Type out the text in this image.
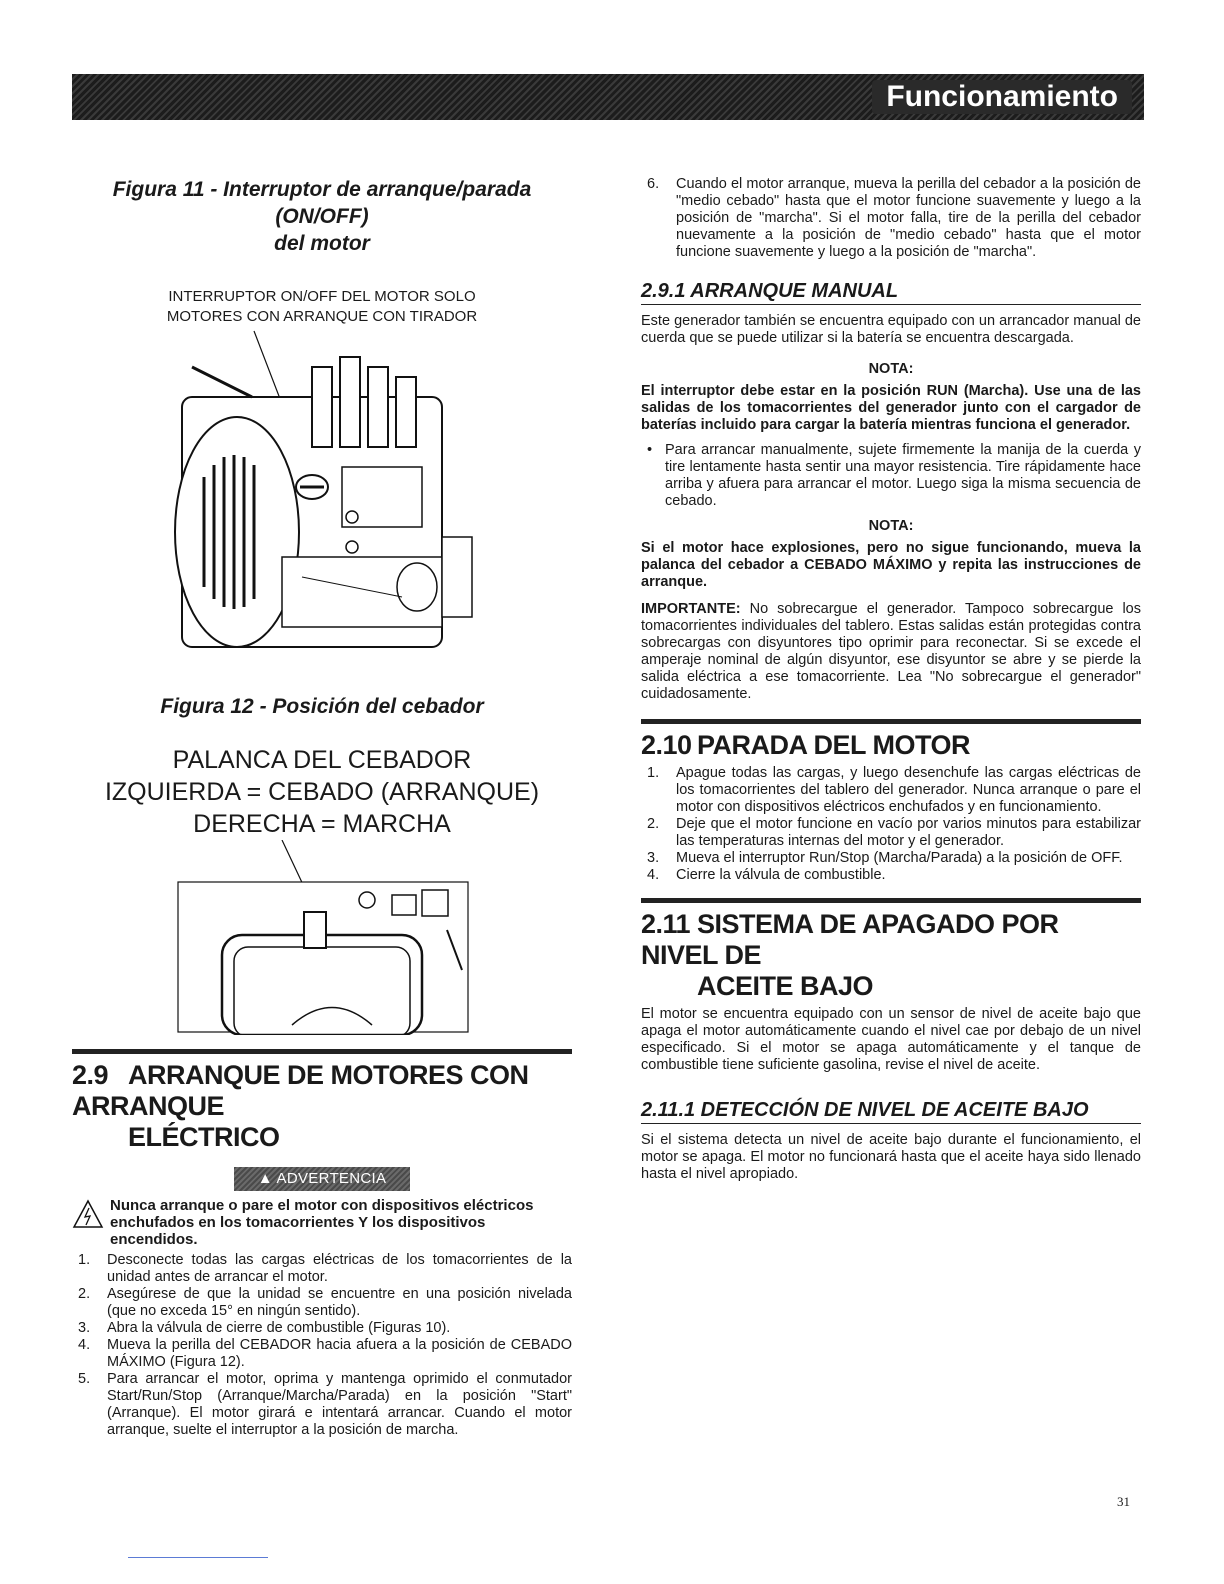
Funcionamiento

Figura 11 - Interruptor de arranque/parada (ON/OFF)
del motor

INTERRUPTOR ON/OFF DEL MOTOR SOLO
MOTORES CON ARRANQUE CON TIRADOR

Figura 12 - Posición del cebador

PALANCA DEL CEBADOR
IZQUIERDA = CEBADO (ARRANQUE)
DERECHA = MARCHA

2.9 ARRANQUE DE MOTORES CON ARRANQUE
ELÉCTRICO
▲ ADVERTENCIA
Nunca arranque o pare el motor con dispositivos eléctricos enchufados en los tomacorrientes Y los dispositivos encendidos.
1. Desconecte todas las cargas eléctricas de los tomacorrientes de la unidad antes de arrancar el motor.
2. Asegúrese de que la unidad se encuentre en una posición nivelada (que no exceda 15° en ningún sentido).
3. Abra la válvula de cierre de combustible (Figuras 10).
4. Mueva la perilla del CEBADOR hacia afuera a la posición de CEBADO MÁXIMO (Figura 12).
5. Para arrancar el motor, oprima y mantenga oprimido el conmutador Start/Run/Stop (Arranque/Marcha/Parada) en la posición "Start" (Arranque). El motor girará e intentará arrancar. Cuando el motor arranque, suelte el interruptor a la posición de marcha.
6. Cuando el motor arranque, mueva la perilla del cebador a la posición de "medio cebado" hasta que el motor funcione suavemente y luego a la posición de "marcha". Si el motor falla, tire de la perilla del cebador nuevamente a la posición de "medio cebado" hasta que el motor funcione suavemente y luego a la posición de "marcha".
2.9.1 ARRANQUE MANUAL

Este generador también se encuentra equipado con un arrancador manual de cuerda que se puede utilizar si la batería se encuentra descargada.

NOTA:

El interruptor debe estar en la posición RUN (Marcha). Use una de las salidas de los tomacorrientes del generador junto con el cargador de baterías incluido para cargar la batería mientras funciona el generador.

• Para arrancar manualmente, sujete firmemente la manija de la cuerda y tire lentamente hasta sentir una mayor resistencia. Tire rápidamente hace arriba y afuera para arrancar el motor. Luego siga la misma secuencia de cebado.

NOTA:

Si el motor hace explosiones, pero no sigue funcionando, mueva la palanca del cebador a CEBADO MÁXIMO y repita las instrucciones de arranque.

IMPORTANTE: No sobrecargue el generador. Tampoco sobrecargue los tomacorrientes individuales del tablero. Estas salidas están protegidas contra sobrecargas con disyuntores tipo oprimir para reconectar. Si se excede el amperaje nominal de algún disyuntor, ese disyuntor se abre y se pierde la salida eléctrica a ese tomacorriente. Lea "No sobrecargue el generador" cuidadosamente.

2.10 PARADA DEL MOTOR
1. Apague todas las cargas, y luego desenchufe las cargas eléctricas de los tomacorrientes del tablero del generador. Nunca arranque o pare el motor con dispositivos eléctricos enchufados y en funcionamiento.
2. Deje que el motor funcione en vacío por varios minutos para estabilizar las temperaturas internas del motor y el generador.
3. Mueva el interruptor Run/Stop (Marcha/Parada) a la posición de OFF.
4. Cierre la válvula de combustible.
2.11 SISTEMA DE APAGADO POR NIVEL DE
ACEITE BAJO

El motor se encuentra equipado con un sensor de nivel de aceite bajo que apaga el motor automáticamente cuando el nivel cae por debajo de un nivel especificado. Si el motor se apaga automáticamente y el tanque de combustible tiene suficiente gasolina, revise el nivel de aceite.

2.11.1 DETECCIÓN DE NIVEL DE ACEITE BAJO

Si el sistema detecta un nivel de aceite bajo durante el funcionamiento, el motor se apaga. El motor no funcionará hasta que el aceite haya sido llenado hasta el nivel apropiado.

31
